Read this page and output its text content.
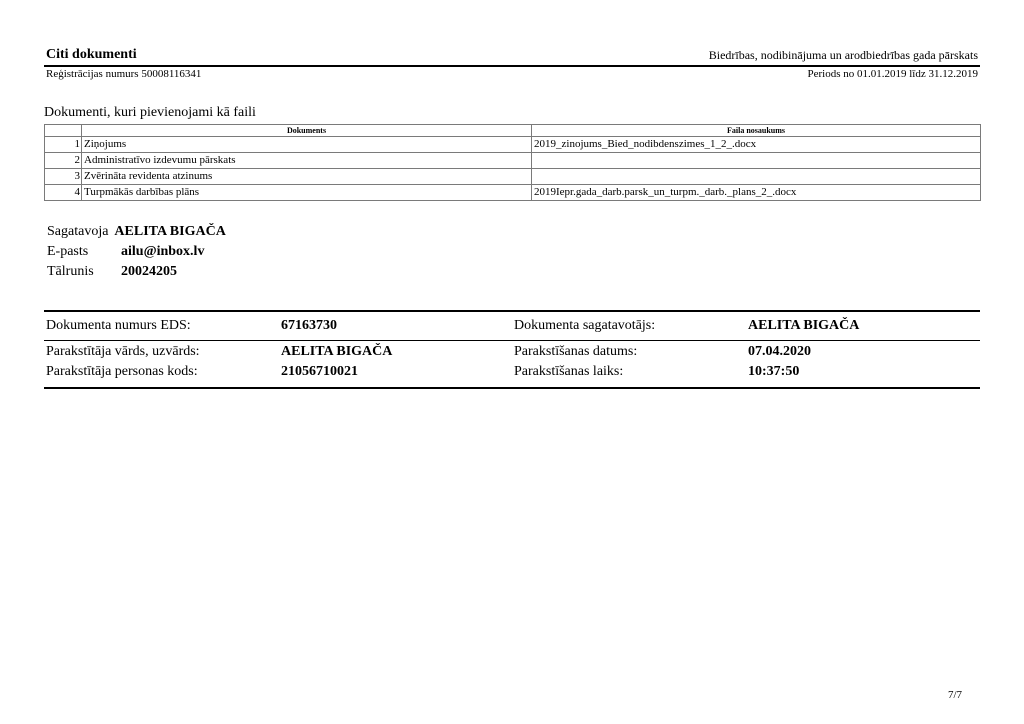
Citi dokumenti	Biedrības, nodibinājuma un arodbiedrības gada pārskats
Reģistrācijas numurs 50008116341	Periods no 01.01.2019 līdz 31.12.2019
Dokumenti, kuri pievienojami kā faili
	Dokuments	Faila nosaukums
1	Ziņojums	2019_zinojums_Bied_nodibdenszimes_1_2_.docx
2	Administratīvo izdevumu pārskats	
3	Zvērināta revidenta atzinums	
4	Turpmākās darbības plāns	2019Iepr.gada_darb.parsk_un_turpm._darb._plans_2_.docx
Sagatavoja AELITA BIGAČA
E-pasts ailu@inbox.lv
Tālrunis 20024205
Dokumenta numurs EDS:	67163730	Dokumenta sagatavotājs:	AELITA BIGAČA
Parakstītāja vārds, uzvārds:	AELITA BIGAČA	Parakstīšanas datums:	07.04.2020
Parakstītāja personas kods:	21056710021	Parakstīšanas laiks:	10:37:50
7/7
